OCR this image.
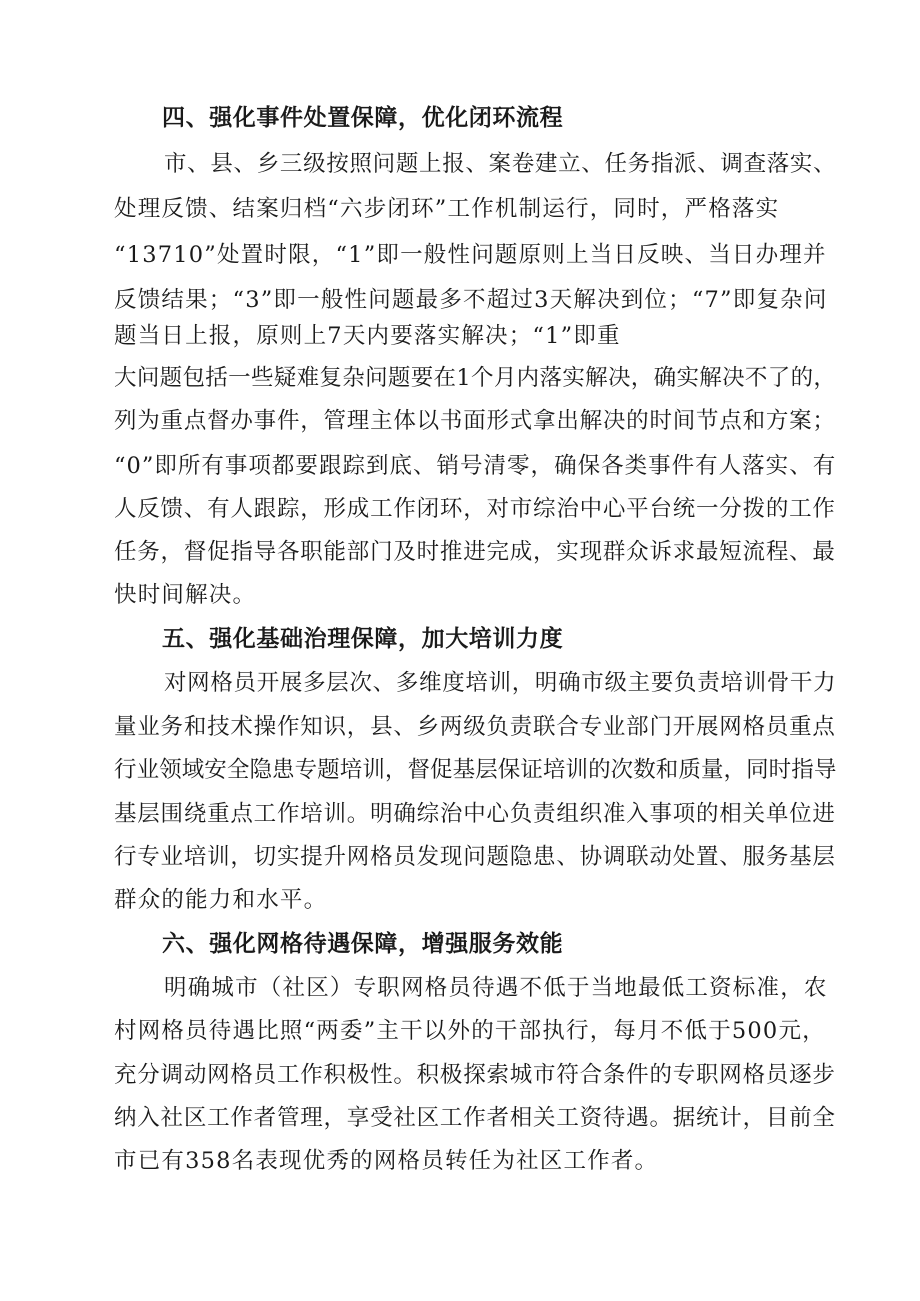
四、强化事件处置保障，优化闭环流程
市、县、乡三级按照问题上报、案卷建立、任务指派、调查落实、
处理反馈、结案归档“六步闭环”工作机制运行，同时，严格落实
“13710”处置时限，“1”即一般性问题原则上当日反映、当日办理并
反馈结果；“3”即一般性问题最多不超过3天解决到位；“7”即复杂问
题当日上报，原则上7天内要落实解决；“1”即重
大问题包括一些疑难复杂问题要在1个月内落实解决，确实解决不了的，
列为重点督办事件，管理主体以书面形式拿出解决的时间节点和方案；
“0”即所有事项都要跟踪到底、销号清零，确保各类事件有人落实、有
人反馈、有人跟踪，形成工作闭环，对市综治中心平台统一分拨的工作
任务，督促指导各职能部门及时推进完成，实现群众诉求最短流程、最
快时间解决。
五、强化基础治理保障，加大培训力度
对网格员开展多层次、多维度培训，明确市级主要负责培训骨干力
量业务和技术操作知识，县、乡两级负责联合专业部门开展网格员重点
行业领域安全隐患专题培训，督促基层保证培训的次数和质量，同时指导
基层围绕重点工作培训。明确综治中心负责组织准入事项的相关单位进
行专业培训，切实提升网格员发现问题隐患、协调联动处置、服务基层
群众的能力和水平。
六、强化网格待遇保障，增强服务效能
明确城市（社区）专职网格员待遇不低于当地最低工资标准，农
村网格员待遇比照“两委”主干以外的干部执行，每月不低于500元，
充分调动网格员工作积极性。积极探索城市符合条件的专职网格员逐步
纳入社区工作者管理，享受社区工作者相关工资待遇。据统计，目前全
市已有358名表现优秀的网格员转任为社区工作者。
